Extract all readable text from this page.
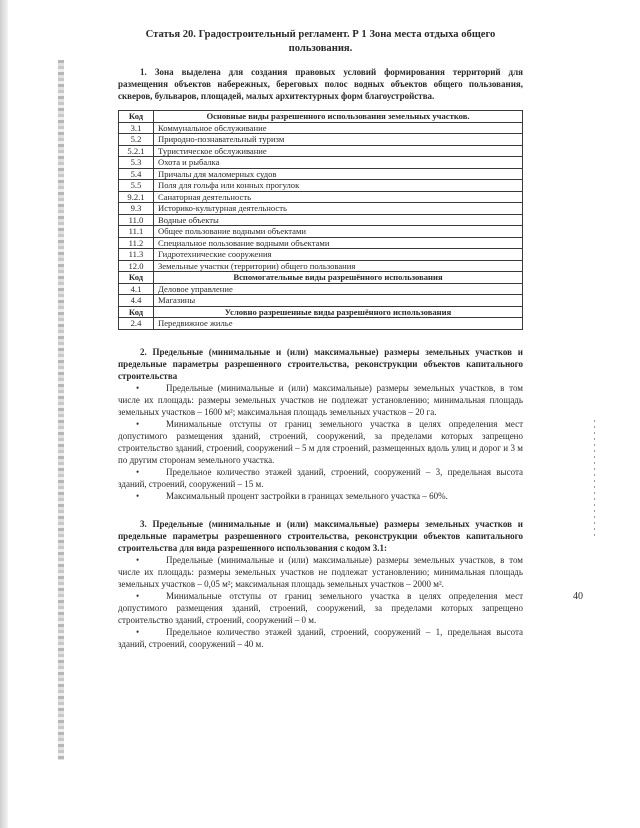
Статья 20. Градостроительный регламент. Р 1 Зона места отдыха общего
пользования.

1. Зона выделена для создания правовых условий формирования территорий для размещения объектов набережных, береговых полос водных объектов общего пользования, скверов, бульваров, площадей, малых архитектурных форм благоустройства.

Код	Основные виды разрешенного использования земельных участков.
3.1	Коммунальное обслуживание
5.2	Природно-познавательный туризм
5.2.1	Туристическое обслуживание
5.3	Охота и рыбалка
5.4	Причалы для маломерных судов
5.5	Поля для гольфа или конных прогулок
9.2.1	Санаторная деятельность
9.3	Историко-культурная деятельность
11.0	Водные объекты
11.1	Общее пользование водными объектами
11.2	Специальное пользование водными объектами
11.3	Гидротехнические сооружения
12.0	Земельные участки (территории) общего пользования
Код	Вспомогательные виды разрешённого использования
4.1	Деловое управление
4.4	Магазины
Код	Условно разрешенные виды разрешённого использования
2.4	Передвижное жилье

2. Предельные (минимальные и (или) максимальные) размеры земельных участков и предельные параметры разрешенного строительства, реконструкции объектов капитального строительства

•	Предельные (минимальные и (или) максимальные) размеры земельных участков, в том числе их площадь: размеры земельных участков не подлежат установлению; минимальная площадь земельных участков – 1600 м²; максимальная площадь земельных участков – 20 га.

•	Минимальные отступы от границ земельного участка в целях определения мест допустимого размещения зданий, строений, сооружений, за пределами которых запрещено строительство зданий, строений, сооружений – 5 м для строений, размещенных вдоль улиц и дорог и 3 м по другим сторонам земельного участка.

•	Предельное количество этажей зданий, строений, сооружений – 3, предельная высота зданий, строений, сооружений – 15 м.

•	Максимальный процент застройки в границах земельного участка – 60%.

3. Предельные (минимальные и (или) максимальные) размеры земельных участков и предельные параметры разрешенного строительства, реконструкции объектов капитального строительства для вида разрешенного использования с кодом 3.1:

•	Предельные (минимальные и (или) максимальные) размеры земельных участков, в том числе их площадь: размеры земельных участков не подлежат установлению; минимальная площадь земельных участков – 0,05 м²; максимальная площадь земельных участков – 2000 м².

•	Минимальные отступы от границ земельного участка в целях определения мест допустимого размещения зданий, строений, сооружений, за пределами которых запрещено строительство зданий, строений, сооружений – 0 м.

•	Предельное количество этажей зданий, строений, сооружений – 1, предельная высота зданий, строений, сооружений – 40 м.

40
